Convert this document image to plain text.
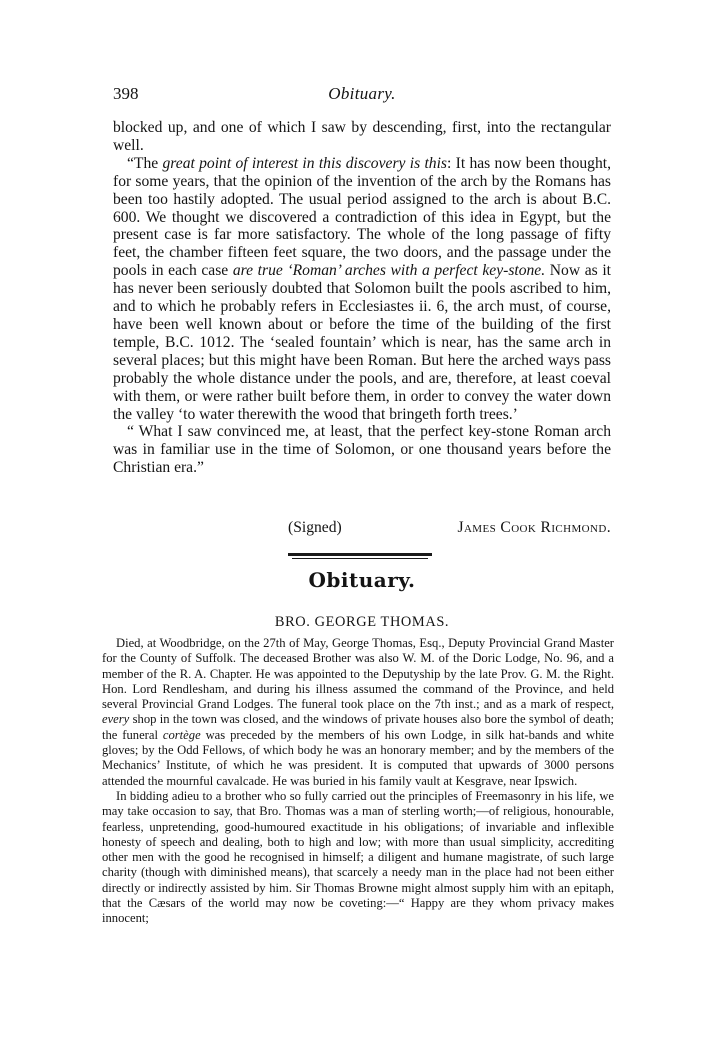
398	Obituary.

blocked up, and one of which I saw by descending, first, into the rectangular well.

“The great point of interest in this discovery is this: It has now been thought, for some years, that the opinion of the invention of the arch by the Romans has been too hastily adopted. The usual period assigned to the arch is about B.C. 600. We thought we discovered a contradiction of this idea in Egypt, but the present case is far more satisfactory. The whole of the long passage of fifty feet, the chamber fifteen feet square, the two doors, and the passage under the pools in each case are true ‘Roman’ arches with a perfect key-stone. Now as it has never been seriously doubted that Solomon built the pools ascribed to him, and to which he probably refers in Ecclesiastes ii. 6, the arch must, of course, have been well known about or before the time of the building of the first temple, B.C. 1012. The ‘sealed fountain’ which is near, has the same arch in several places; but this might have been Roman. But here the arched ways pass probably the whole distance under the pools, and are, therefore, at least coeval with them, or were rather built before them, in order to convey the water down the valley ‘to water therewith the wood that bringeth forth trees.’

“ What I saw convinced me, at least, that the perfect key-stone Roman arch was in familiar use in the time of Solomon, or one thousand years before the Christian era.”

(Signed)	James Cook Richmond.
Obituary.
BRO. GEORGE THOMAS.

Died, at Woodbridge, on the 27th of May, George Thomas, Esq., Deputy Provincial Grand Master for the County of Suffolk. The deceased Brother was also W. M. of the Doric Lodge, No. 96, and a member of the R. A. Chapter. He was appointed to the Deputyship by the late Prov. G. M. the Right. Hon. Lord Rendlesham, and during his illness assumed the command of the Province, and held several Provincial Grand Lodges. The funeral took place on the 7th inst.; and as a mark of respect, every shop in the town was closed, and the windows of private houses also bore the symbol of death; the funeral cortège was preceded by the members of his own Lodge, in silk hat-bands and white gloves; by the Odd Fellows, of which body he was an honorary member; and by the members of the Mechanics’ Institute, of which he was president. It is computed that upwards of 3000 persons attended the mournful cavalcade. He was buried in his family vault at Kesgrave, near Ipswich.

In bidding adieu to a brother who so fully carried out the principles of Freemasonry in his life, we may take occasion to say, that Bro. Thomas was a man of sterling worth;—of religious, honourable, fearless, unpretending, good-humoured exactitude in his obligations; of invariable and inflexible honesty of speech and dealing, both to high and low; with more than usual simplicity, accrediting other men with the good he recognised in himself; a diligent and humane magistrate, of such large charity (though with diminished means), that scarcely a needy man in the place had not been either directly or indirectly assisted by him. Sir Thomas Browne might almost supply him with an epitaph, that the Cæsars of the world may now be coveting:—“ Happy are they whom privacy makes innocent;
